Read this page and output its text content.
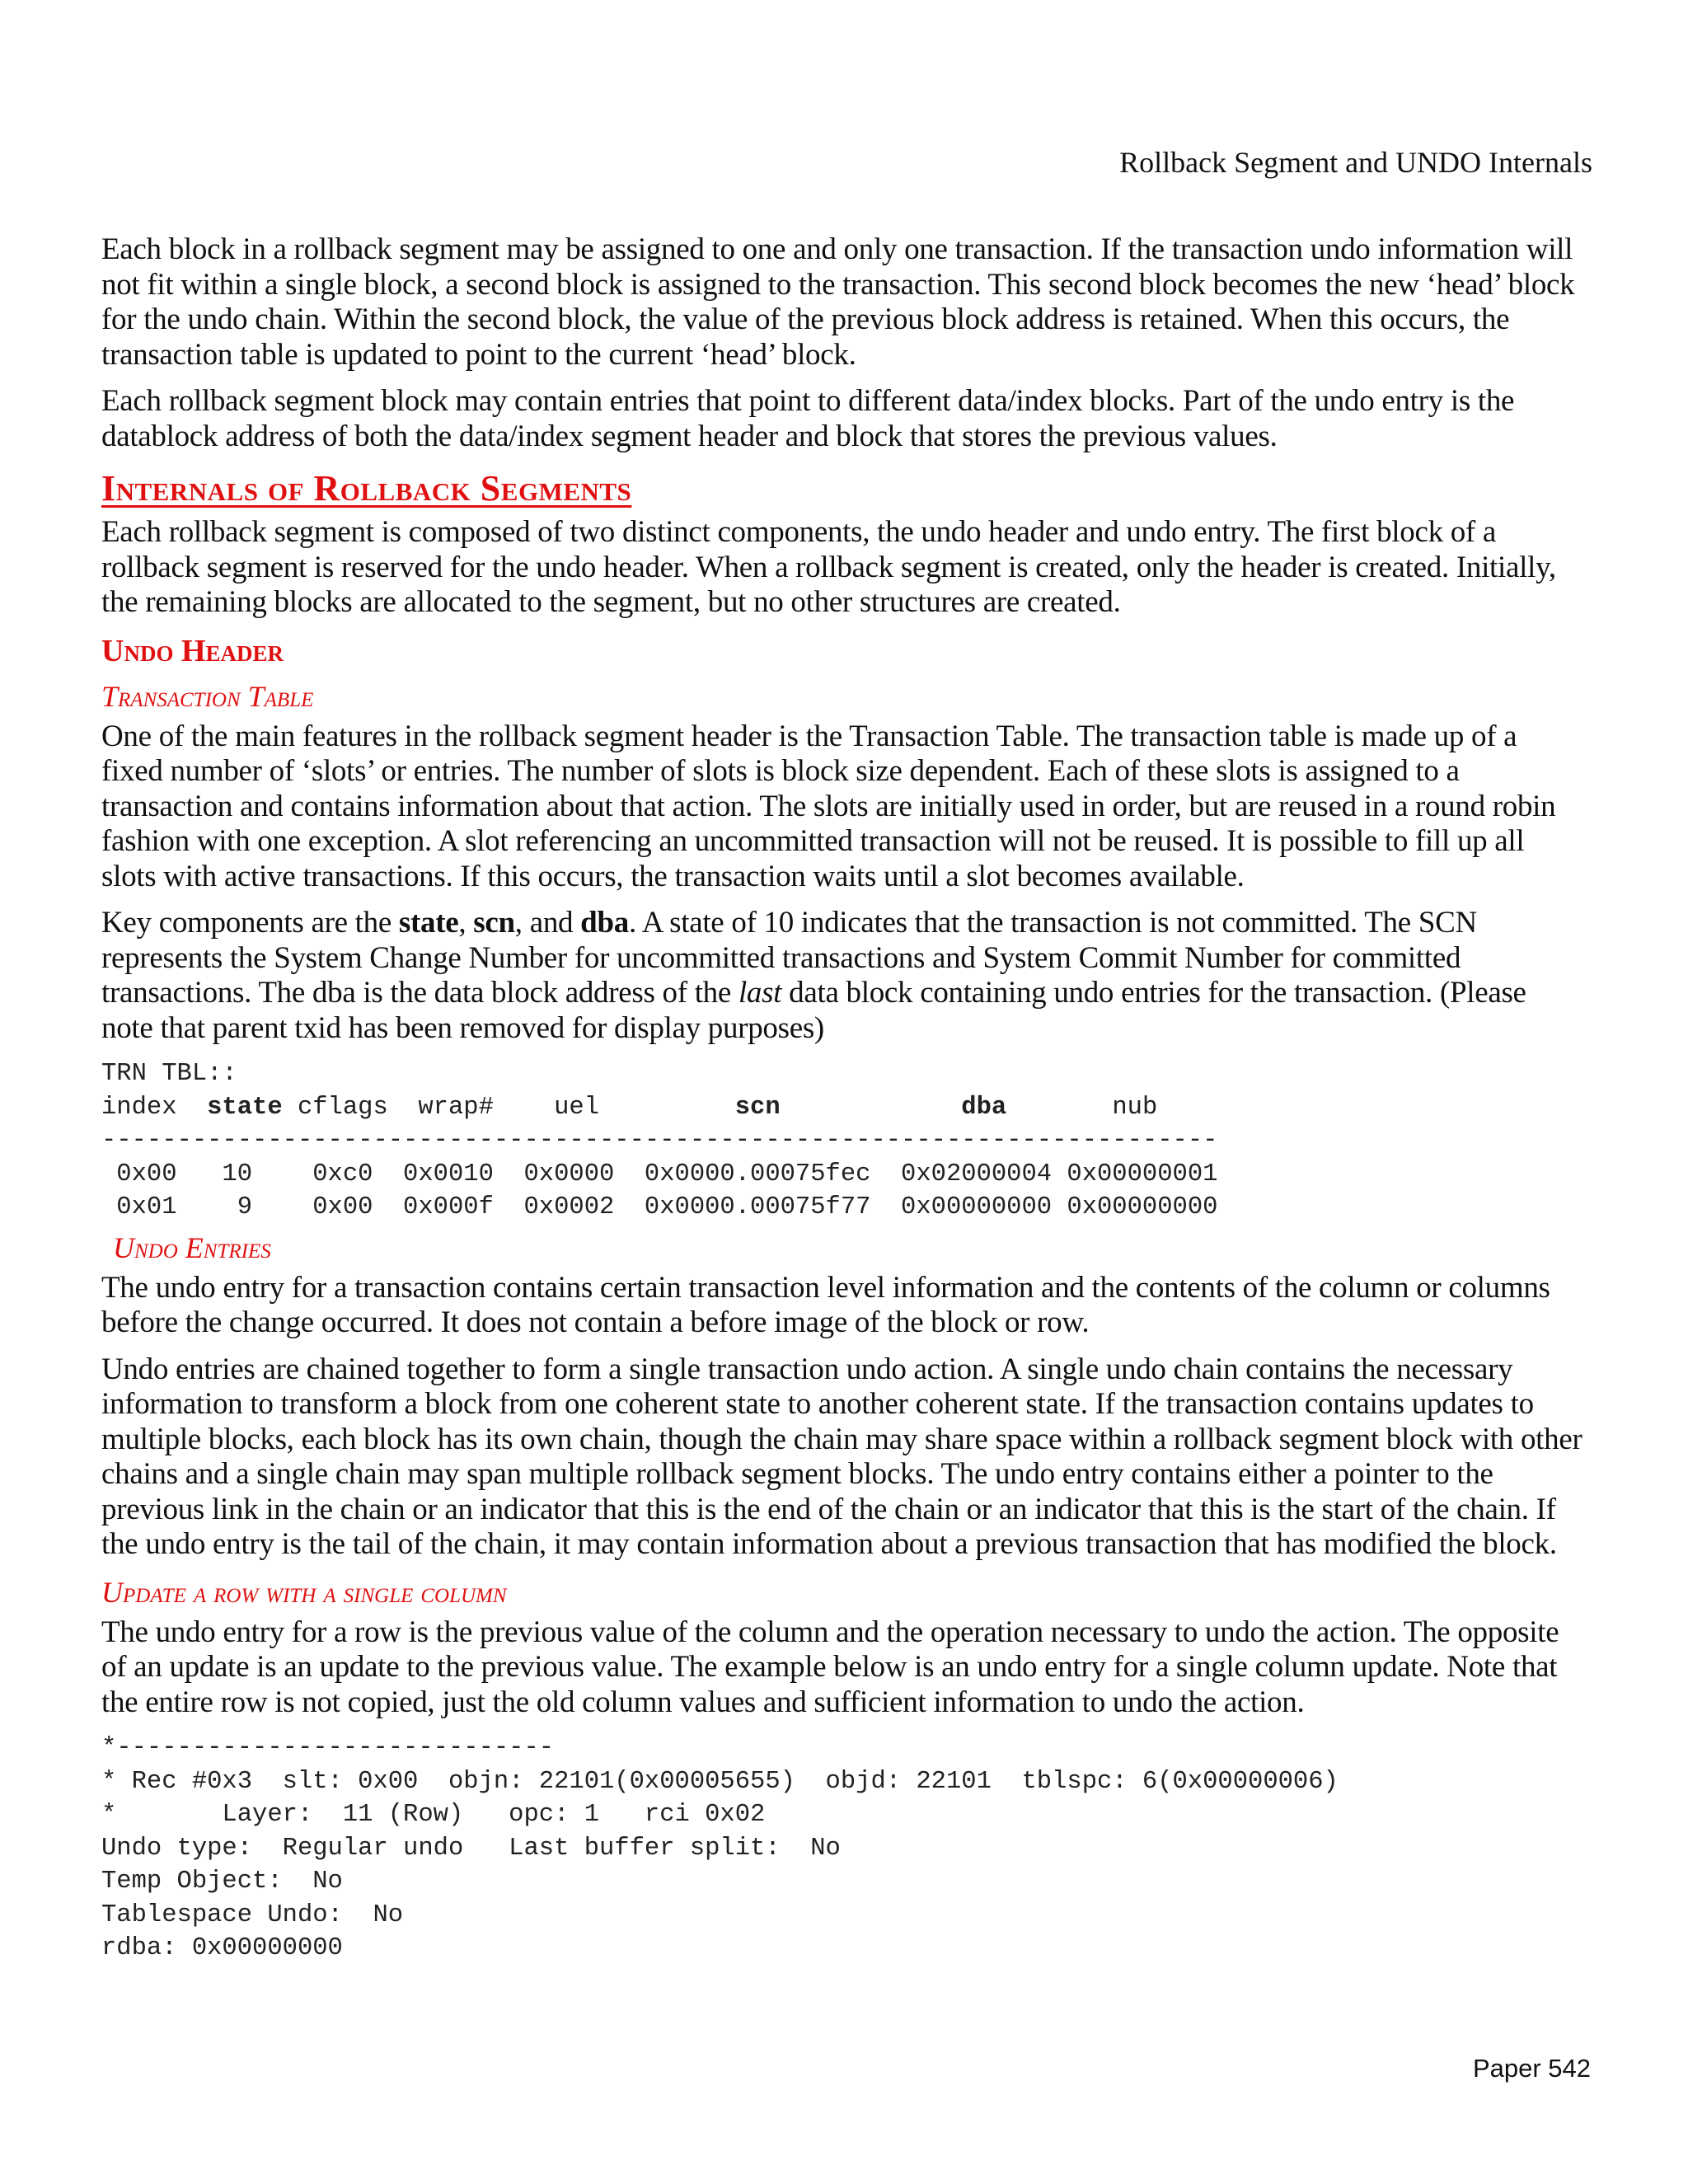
Rollback Segment and UNDO Internals

Each block in a rollback segment may be assigned to one and only one transaction. If the transaction undo information will not fit within a single block, a second block is assigned to the transaction. This second block becomes the new ‘head’ block for the undo chain. Within the second block, the value of the previous block address is retained. When this occurs, the transaction table is updated to point to the current ‘head’ block.

Each rollback segment block may contain entries that point to different data/index blocks. Part of the undo entry is the datablock address of both the data/index segment header and block that stores the previous values.

Internals of Rollback Segments

Each rollback segment is composed of two distinct components, the undo header and undo entry. The first block of a rollback segment is reserved for the undo header. When a rollback segment is created, only the header is created. Initially, the remaining blocks are allocated to the segment, but no other structures are created.

Undo Header
Transaction Table

One of the main features in the rollback segment header is the Transaction Table. The transaction table is made up of a fixed number of ‘slots’ or entries. The number of slots is block size dependent. Each of these slots is assigned to a transaction and contains information about that action. The slots are initially used in order, but are reused in a round robin fashion with one exception. A slot referencing an uncommitted transaction will not be reused. It is possible to fill up all slots with active transactions. If this occurs, the transaction waits until a slot becomes available.

Key components are the state, scn, and dba. A state of 10 indicates that the transaction is not committed. The SCN represents the System Change Number for uncommitted transactions and System Commit Number for committed transactions. The dba is the data block address of the last data block containing undo entries for the transaction. (Please note that parent txid has been removed for display purposes)

TRN TBL::
index  state cflags  wrap#    uel         scn	dba       nub
--------------------------------------------------------------------------
0x00   10    0xc0  0x0010  0x0000  0x0000.00075fec  0x02000004 0x00000001
0x01    9    0x00  0x000f  0x0002  0x0000.00075f77  0x00000000 0x00000000
Undo Entries

The undo entry for a transaction contains certain transaction level information and the contents of the column or columns before the change occurred. It does not contain a before image of the block or row.

Undo entries are chained together to form a single transaction undo action. A single undo chain contains the necessary information to transform a block from one coherent state to another coherent state. If the transaction contains updates to multiple blocks, each block has its own chain, though the chain may share space within a rollback segment block with other chains and a single chain may span multiple rollback segment blocks. The undo entry contains either a pointer to the previous link in the chain or an indicator that this is the end of the chain or an indicator that this is the start of the chain. If the undo entry is the tail of the chain, it may contain information about a previous transaction that has modified the block.

Update a row with a single column

The undo entry for a row is the previous value of the column and the operation necessary to undo the action. The opposite of an update is an update to the previous value. The example below is an undo entry for a single column update. Note that the entire row is not copied, just the old column values and sufficient information to undo the action.

*-----------------------------
* Rec #0x3  slt: 0x00  objn: 22101(0x00005655)  objd: 22101  tblspc: 6(0x00000006)
*       Layer:  11 (Row)   opc: 1   rci 0x02
Undo type:  Regular undo   Last buffer split:  No
Temp Object:  No
Tablespace Undo:  No
rdba: 0x00000000
Paper 542
